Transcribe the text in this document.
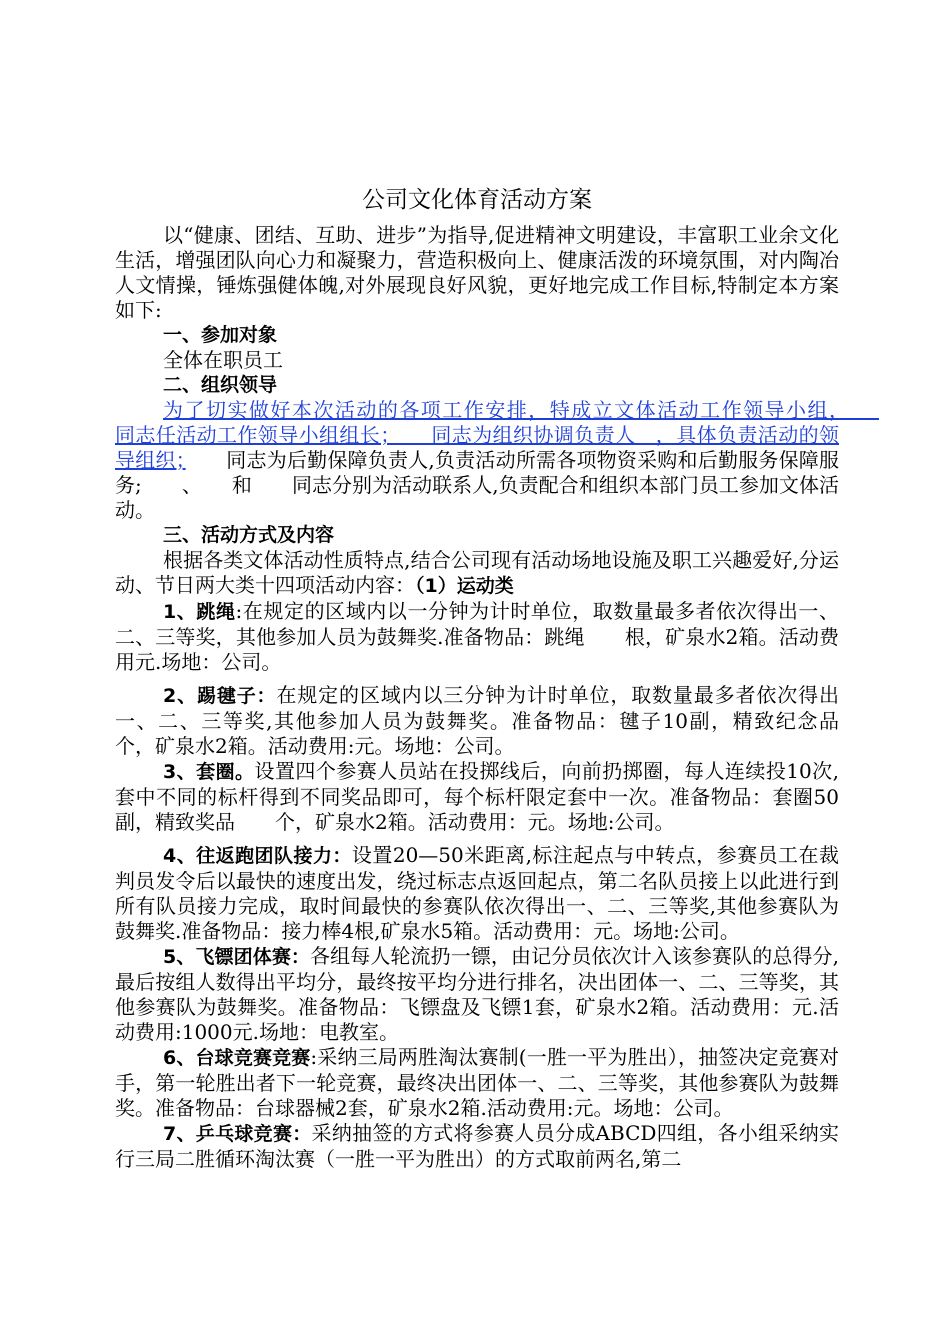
公司文化体育活动方案

以“健康、团结、互助、进步”为指导,促进精神文明建设，丰富职工业余文化生活，增强团队向心力和凝聚力，营造积极向上、健康活泼的环境氛围，对内陶冶人文情操，锤炼强健体魄,对外展现良好风貌，更好地完成工作目标,特制定本方案如下:

一、参加对象

全体在职员工

二、组织领导

为了切实做好本次活动的各项工作安排，特成立文体活动工作领导小组，　　同志任活动工作领导小组组长；　　同志为组织协调负责人　，具体负责活动的领导组织；　　同志为后勤保障负责人,负责活动所需各项物资采购和后勤服务保障服务;　　、　　和　　同志分别为活动联系人,负责配合和组织本部门员工参加文体活动。

三、活动方式及内容

根据各类文体活动性质特点,结合公司现有活动场地设施及职工兴趣爱好,分运动、节日两大类十四项活动内容：（1）运动类

1、跳绳:在规定的区域内以一分钟为计时单位，取数量最多者依次得出一、二、三等奖，其他参加人员为鼓舞奖.准备物品：跳绳　　根，矿泉水2箱。活动费用元.场地：公司。

2、踢毽子：在规定的区域内以三分钟为计时单位，取数量最多者依次得出一、二、三等奖,其他参加人员为鼓舞奖。准备物品：毽子10副，精致纪念品　　个，矿泉水2箱。活动费用:元。场地：公司。

3、套圈。设置四个参赛人员站在投掷线后，向前扔掷圈，每人连续投10次,套中不同的标杆得到不同奖品即可，每个标杆限定套中一次。准备物品：套圈50副，精致奖品　　个，矿泉水2箱。活动费用：元。场地:公司。

4、往返跑团队接力：设置20—50米距离,标注起点与中转点，参赛员工在裁判员发令后以最快的速度出发，绕过标志点返回起点，第二名队员接上以此进行到所有队员接力完成，取时间最快的参赛队依次得出一、二、三等奖,其他参赛队为鼓舞奖.准备物品：接力棒4根,矿泉水5箱。活动费用：元。场地:公司。

5、飞镖团体赛：各组每人轮流扔一镖，由记分员依次计入该参赛队的总得分,最后按组人数得出平均分，最终按平均分进行排名，决出团体一、二、三等奖，其他参赛队为鼓舞奖。准备物品：飞镖盘及飞镖1套，矿泉水2箱。活动费用：元.活动费用:1000元.场地：电教室。

6、台球竞赛竞赛:采纳三局两胜淘汰赛制(一胜一平为胜出），抽签决定竞赛对手，第一轮胜出者下一轮竞赛，最终决出团体一、二、三等奖，其他参赛队为鼓舞奖。准备物品：台球器械2套，矿泉水2箱.活动费用:元。场地：公司。

7、乒乓球竞赛：采纳抽签的方式将参赛人员分成ABCD四组，各小组采纳实行三局二胜循环淘汰赛（一胜一平为胜出）的方式取前两名,第二
